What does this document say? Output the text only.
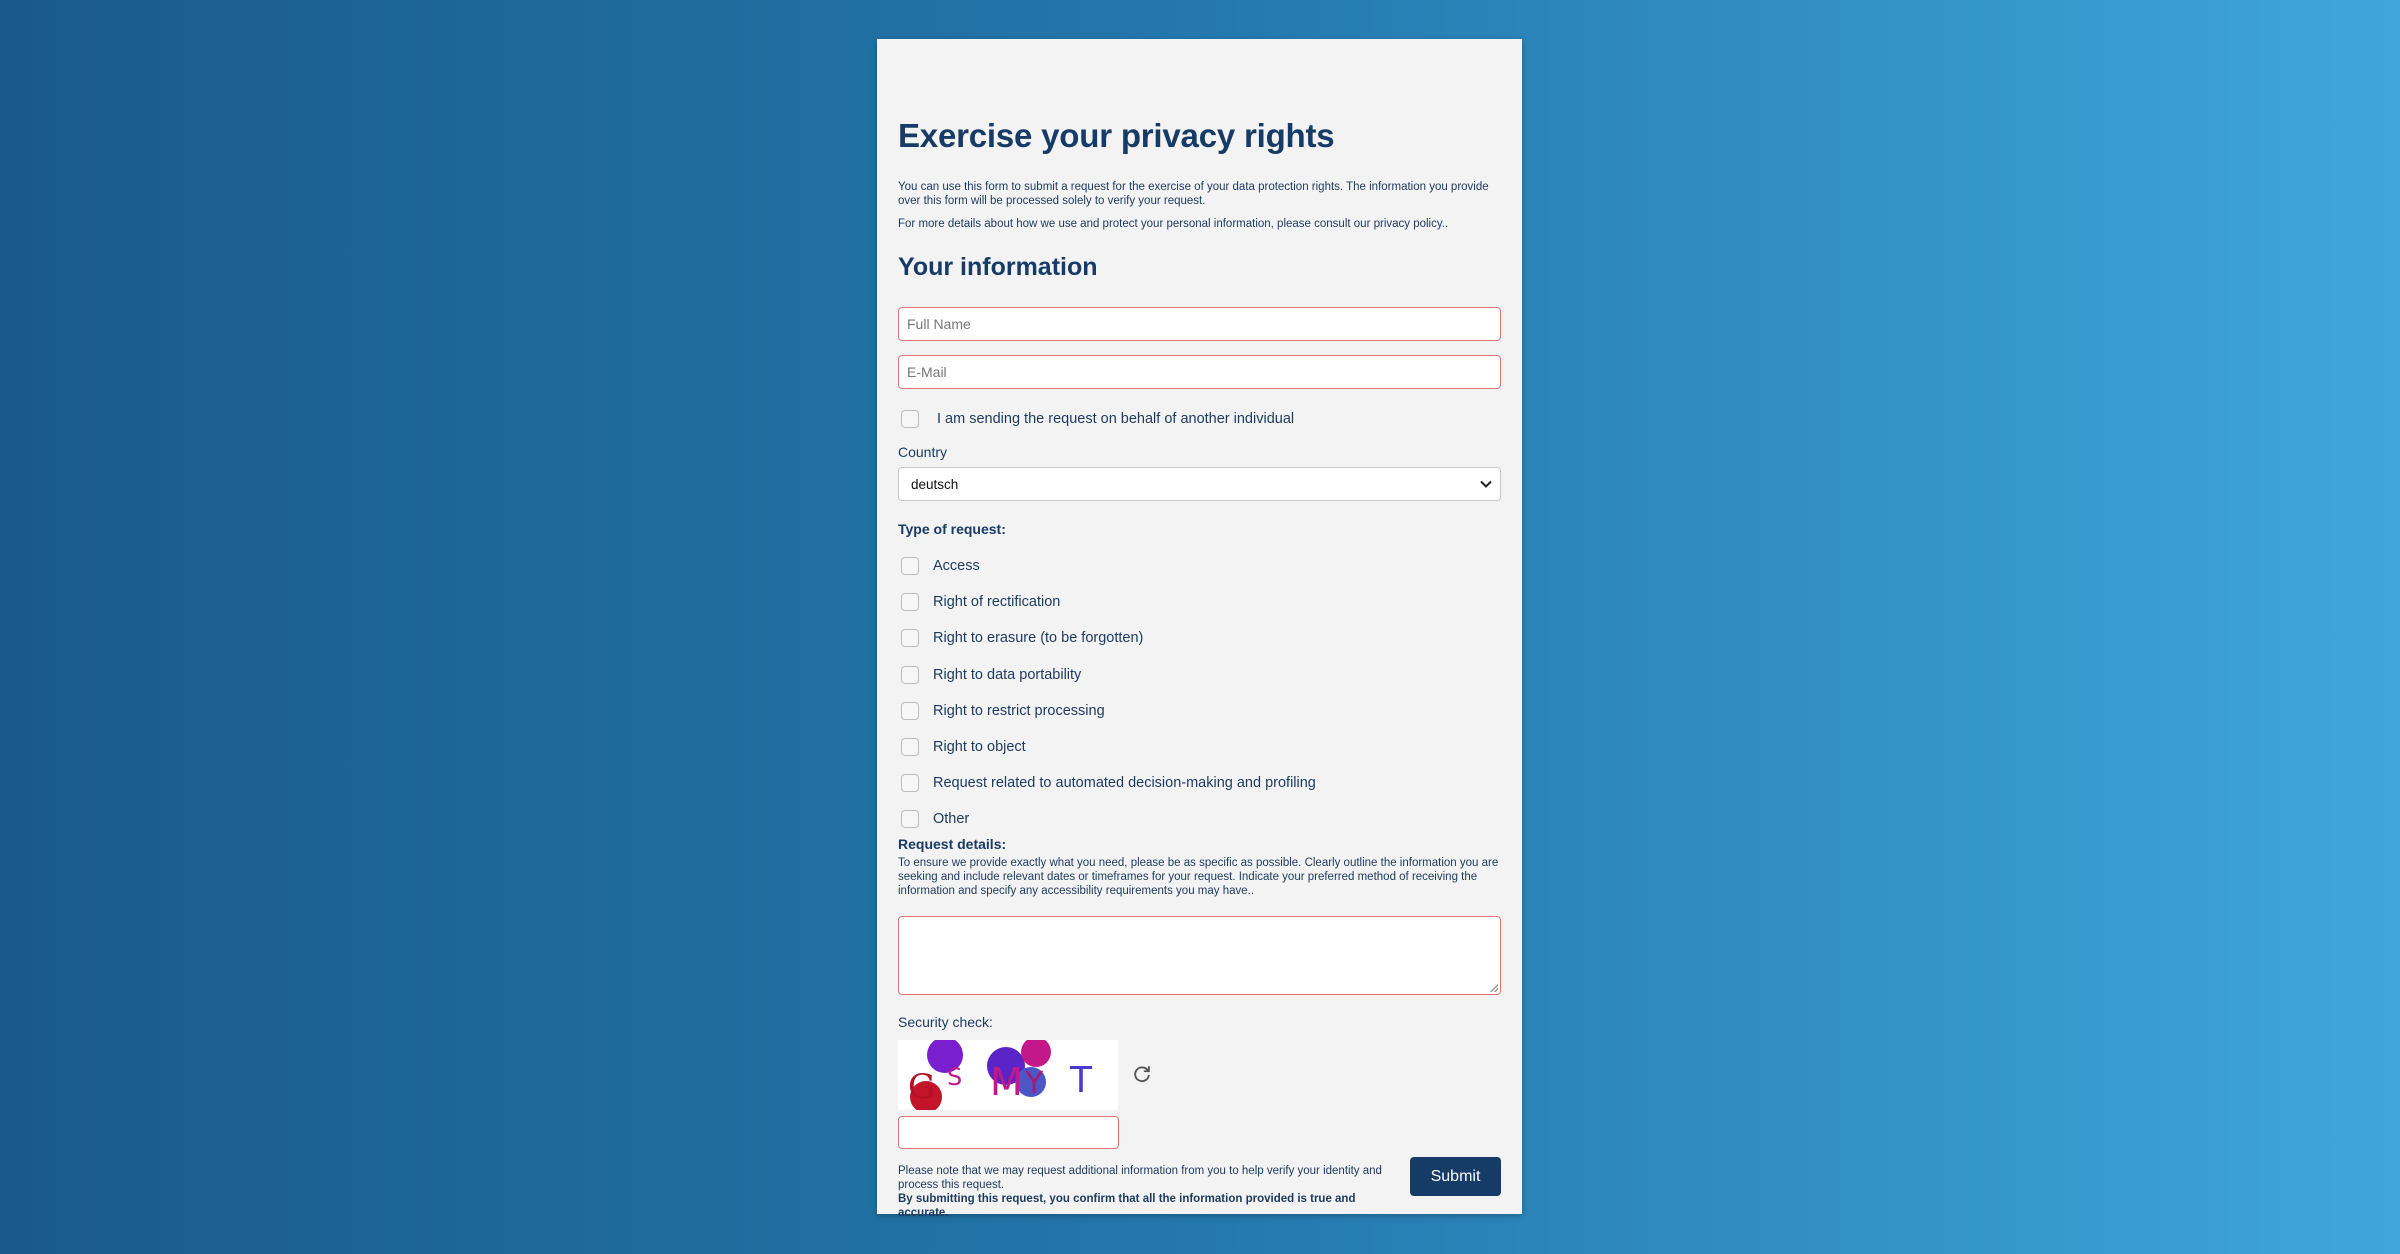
Exercise your privacy rights

You can use this form to submit a request for the exercise of your data protection rights. The information you provide over this form will be processed solely to verify your request.

For more details about how we use and protect your personal information, please consult our privacy policy..

Your information
Full Name
E-Mail
I am sending the request on behalf of another individual
Country
deutsch
Type of request:
Access
Right of rectification
Right to erasure (to be forgotten)
Right to data portability
Right to restrict processing
Right to object
Request related to automated decision-making and profiling
Other
Request details:
To ensure we provide exactly what you need, please be as specific as possible. Clearly outline the information you are seeking and include relevant dates or timeframes for your request. Indicate your preferred method of receiving the information and specify any accessibility requirements you may have..
Security check:
G S M Y T
Please note that we may request additional information from you to help verify your identity and process this request.
By submitting this request, you confirm that all the information provided is true and accurate.
Submit
